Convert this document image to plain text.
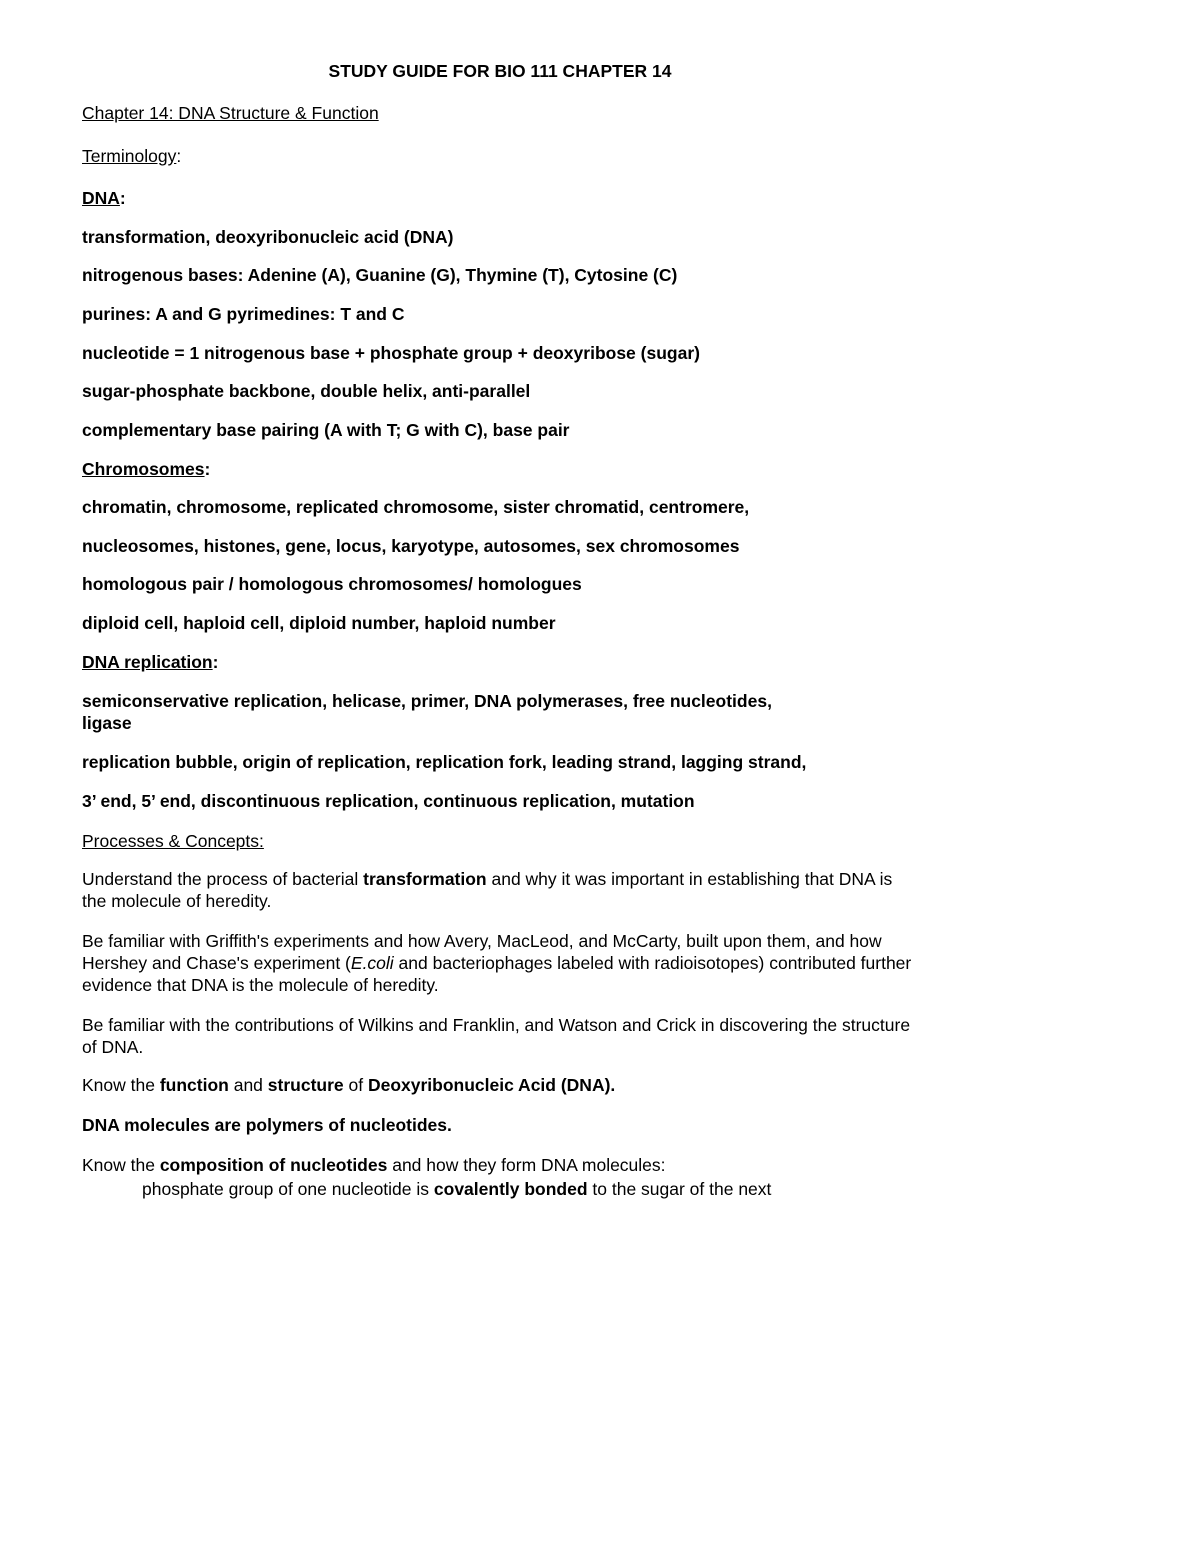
STUDY GUIDE FOR BIO 111 CHAPTER 14
Chapter 14: DNA Structure & Function
Terminology:
DNA:
transformation, deoxyribonucleic acid (DNA)
nitrogenous bases: Adenine (A), Guanine (G), Thymine (T), Cytosine (C)
purines: A and G pyrimedines: T and C
nucleotide = 1 nitrogenous base + phosphate group + deoxyribose (sugar)
sugar-phosphate backbone, double helix, anti-parallel
complementary base pairing (A with T; G with C), base pair
Chromosomes:
chromatin, chromosome, replicated chromosome, sister chromatid, centromere,
nucleosomes, histones, gene, locus, karyotype, autosomes, sex chromosomes
homologous pair / homologous chromosomes/ homologues
diploid cell, haploid cell, diploid number, haploid number
DNA replication:
semiconservative replication, helicase, primer, DNA polymerases, free nucleotides,
ligase
replication bubble, origin of replication, replication fork, leading strand, lagging strand,
3’ end, 5’ end, discontinuous replication, continuous replication, mutation
Processes & Concepts:
Understand the process of bacterial transformation and why it was important in establishing that DNA is the molecule of heredity.
Be familiar with Griffith's experiments and how Avery, MacLeod, and McCarty, built upon them, and how Hershey and Chase's experiment (E.coli and bacteriophages labeled with radioisotopes) contributed further evidence that DNA is the molecule of heredity.
Be familiar with the contributions of Wilkins and Franklin, and Watson and Crick in discovering the structure of DNA.
Know the function and structure of Deoxyribonucleic Acid (DNA).
DNA molecules are polymers of nucleotides.
Know the composition of nucleotides and how they form DNA molecules:
phosphate group of one nucleotide is covalently bonded to the sugar of the next
